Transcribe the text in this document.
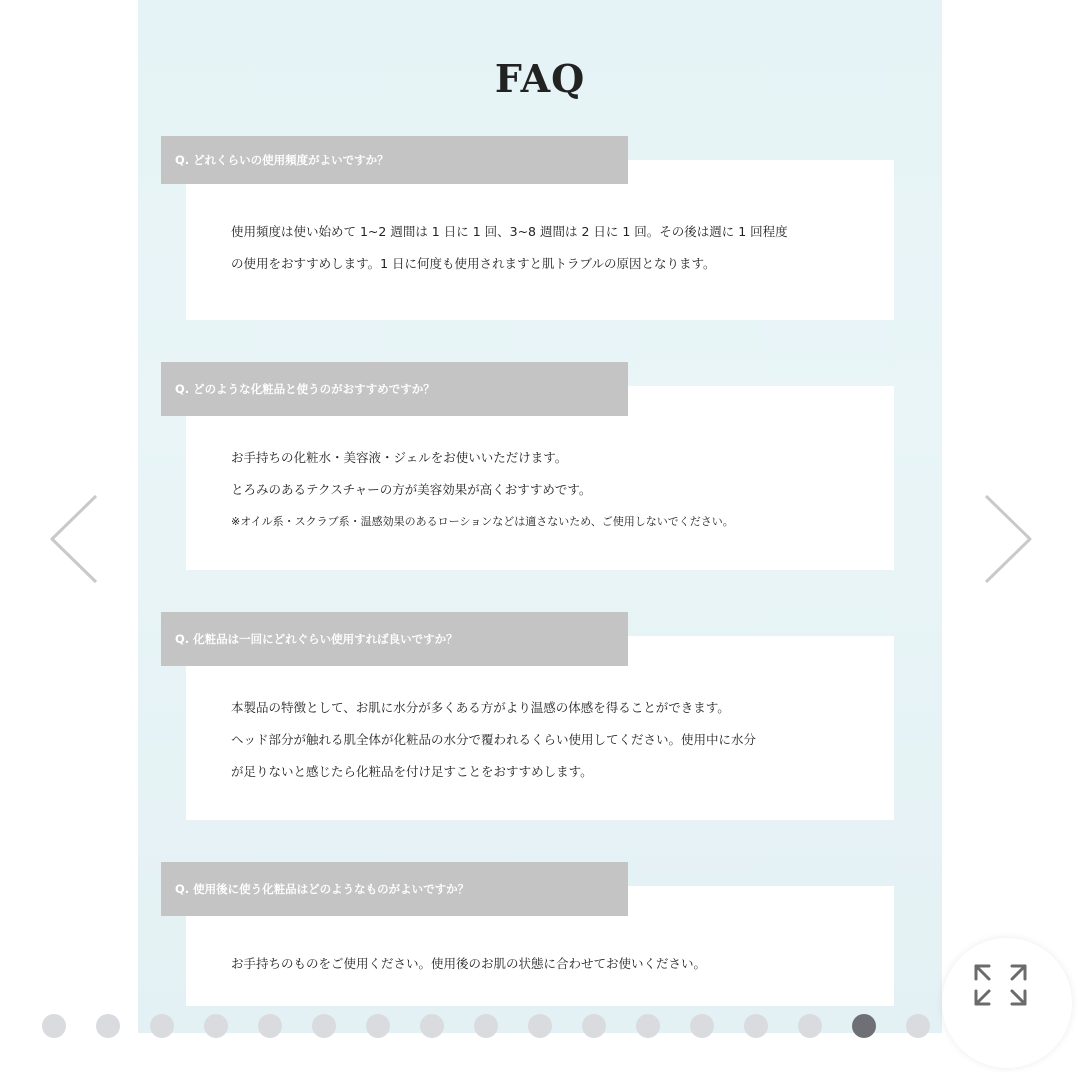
FAQ
使用頻度は使い始めて 1~2 週間は 1 日に 1 回、3~8 週間は 2 日に 1 回。その後は週に 1 回程度
の使用をおすすめします。1 日に何度も使用されますと肌トラブルの原因となります。
Q. どれくらいの使用頻度がよいですか？
お手持ちの化粧水・美容液・ジェルをお使いいただけます。
とろみのあるテクスチャーの方が美容効果が高くおすすめです。
※オイル系・スクラブ系・温感効果のあるローションなどは適さないため、ご使用しないでください。
Q. どのような化粧品と使うのがおすすめですか？
本製品の特徴として、お肌に水分が多くある方がより温感の体感を得ることができます。
ヘッド部分が触れる肌全体が化粧品の水分で覆われるくらい使用してください。使用中に水分
が足りないと感じたら化粧品を付け足すことをおすすめします。
Q. 化粧品は一回にどれぐらい使用すれば良いですか？
お手持ちのものをご使用ください。使用後のお肌の状態に合わせてお使いください。
Q. 使用後に使う化粧品はどのようなものがよいですか？
